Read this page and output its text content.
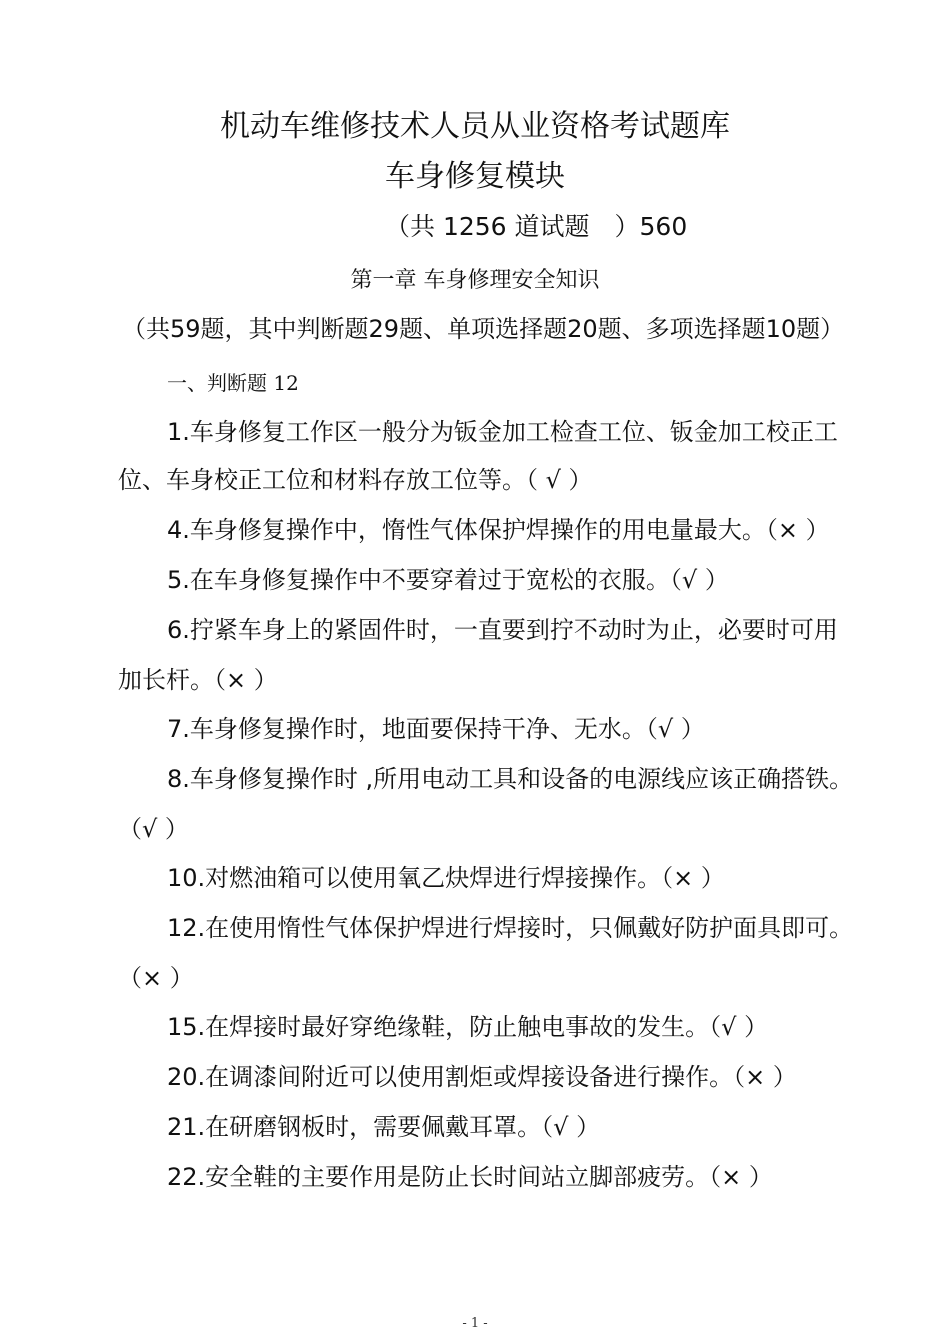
机动车维修技术人员从业资格考试题库
车身修复模块
（共 1256 道试题　）560
第一章 车身修理安全知识
（共59题，其中判断题29题、单项选择题20题、多项选择题10题）
一、判断题 12
1.车身修复工作区一般分为钣金加工检查工位、钣金加工校正工
位、车身校正工位和材料存放工位等。（ √ ）
4.车身修复操作中，惰性气体保护焊操作的用电量最大。（× ）
5.在车身修复操作中不要穿着过于宽松的衣服。（√ ）
6.拧紧车身上的紧固件时，一直要到拧不动时为止，必要时可用
加长杆。（× ）
7.车身修复操作时，地面要保持干净、无水。（√ ）
8.车身修复操作时 ,所用电动工具和设备的电源线应该正确搭铁。
（√ ）
10.对燃油箱可以使用氧乙炔焊进行焊接操作。（× ）
12.在使用惰性气体保护焊进行焊接时，只佩戴好防护面具即可。
（× ）
15.在焊接时最好穿绝缘鞋，防止触电事故的发生。（√ ）
20.在调漆间附近可以使用割炬或焊接设备进行操作。（× ）
21.在研磨钢板时，需要佩戴耳罩。（√ ）
22.安全鞋的主要作用是防止长时间站立脚部疲劳。（× ）
- 1 -
